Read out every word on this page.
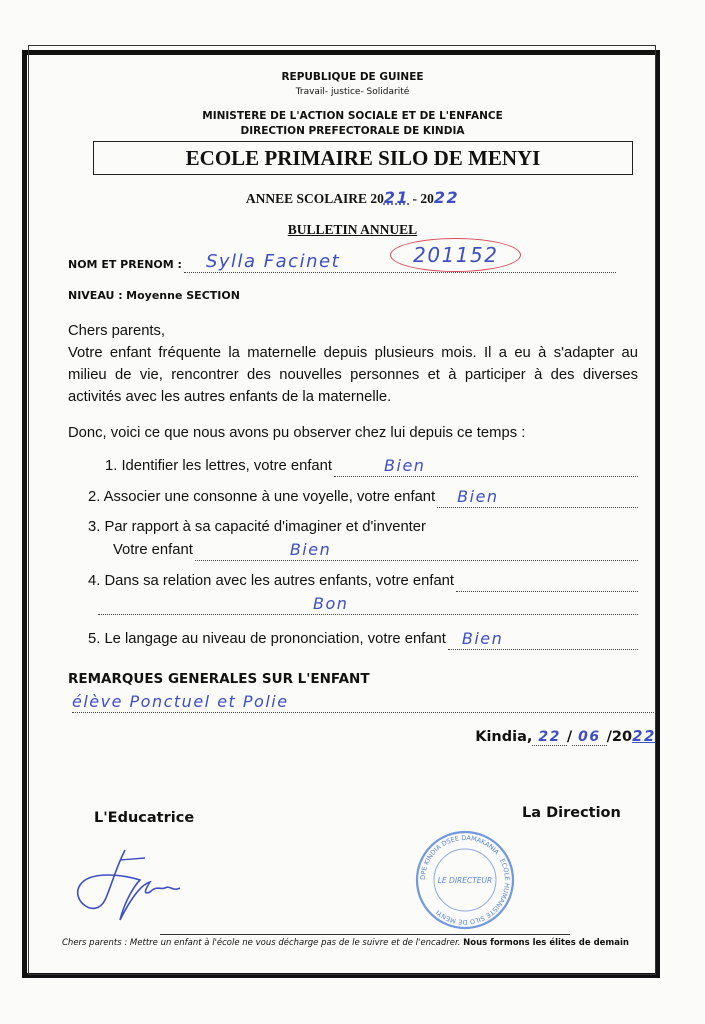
REPUBLIQUE DE GUINEE
Travail- justice- Solidarité
MINISTERE DE L'ACTION SOCIALE ET DE L'ENFANCE
DIRECTION PREFECTORALE DE KINDIA
ECOLE PRIMAIRE SILO DE MENYI
ANNEE SCOLAIRE 2021 - 2022
BULLETIN ANNUEL
NOM ET PRENOM : Sylla Facinet	201152
NIVEAU : Moyenne SECTION
Chers parents,
Votre enfant fréquente la maternelle depuis plusieurs mois. Il a eu à s'adapter au milieu de vie, rencontrer des nouvelles personnes et à participer à des diverses activités avec les autres enfants de la maternelle.
Donc, voici ce que nous avons pu observer chez lui depuis ce temps :
1. Identifier les lettres, votre enfant	Bien
2. Associer une consonne à une voyelle, votre enfant Bien
3. Par rapport à sa capacité d'imaginer et d'inventer
Votre enfant	Bien
4. Dans sa relation avec les autres enfants, votre enfant
Bon
5. Le langage au niveau de prononciation, votre enfant Bien
REMARQUES GENERALES SUR L'ENFANT
élève Ponctuel et Polie
Kindia, 22 / 06 /2022
L'Educatrice	La Direction
DPE KINDIA DSEE DAMAKANIA · ECOLE HUMANISTE SILO DE MENYI
LE DIRECTEUR
Chers parents : Mettre un enfant à l'école ne vous décharge pas de le suivre et de l'encadrer. Nous formons les élites de demain
